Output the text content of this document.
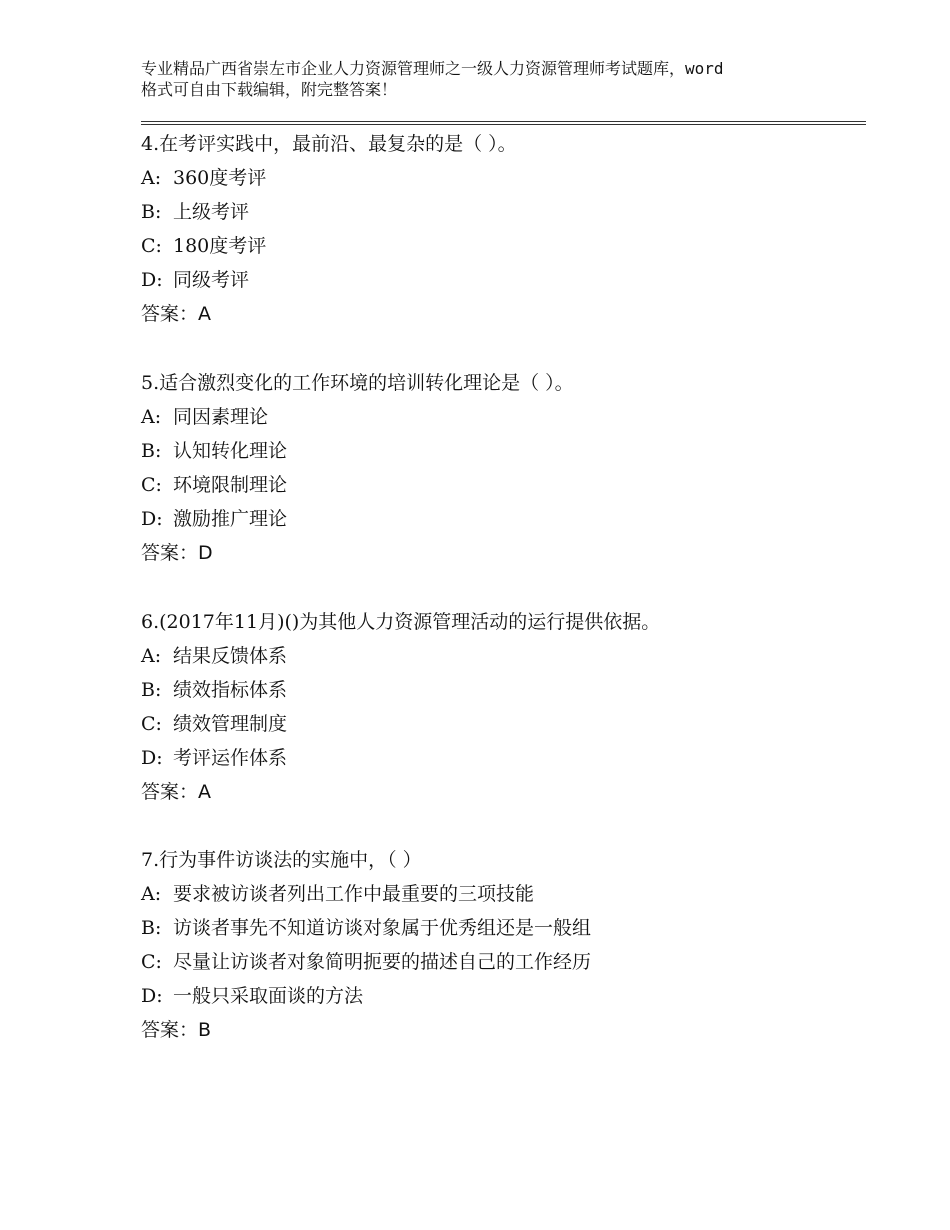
专业精品广西省崇左市企业人力资源管理师之一级人力资源管理师考试题库，word
格式可自由下载编辑，附完整答案！
4.在考评实践中，最前沿、最复杂的是（ ）。
A: 360度考评
B: 上级考评
C: 180度考评
D: 同级考评
答案：A
5.适合激烈变化的工作环境的培训转化理论是（ ）。
A: 同因素理论
B: 认知转化理论
C: 环境限制理论
D: 激励推广理论
答案：D
6.(2017年11月)()为其他人力资源管理活动的运行提供依据。
A: 结果反馈体系
B: 绩效指标体系
C: 绩效管理制度
D: 考评运作体系
答案：A
7.行为事件访谈法的实施中，（ ）
A: 要求被访谈者列出工作中最重要的三项技能
B: 访谈者事先不知道访谈对象属于优秀组还是一般组
C: 尽量让访谈者对象简明扼要的描述自己的工作经历
D: 一般只采取面谈的方法
答案：B
